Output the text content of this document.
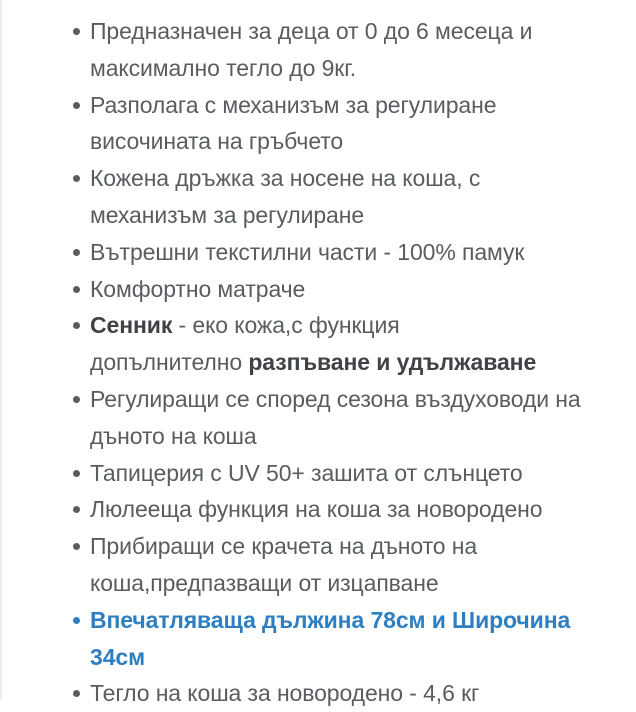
Предназначен за деца от 0 до 6 месеца и
максимално тегло до 9кг.
Разполага с механизъм за регулиране
височината на гръбчето
Кожена дръжка за носене на коша, с
механизъм за регулиране
Вътрешни текстилни части - 100% памук
Комфортно матраче
Сенник - еко кожа,с функция
допълнително разпъване и удължаване
Регулиращи се според сезона въздуховоди на
дъното на коша
Тапицерия с UV 50+ зашита от слънцето
Люлееща функция на коша за новородено
Прибиращи се крачета на дъното на
коша,предпазващи от изцапване
Впечатляваща дължина 78см и Широчина
34см
Тегло на коша за новородено - 4,6 кг
